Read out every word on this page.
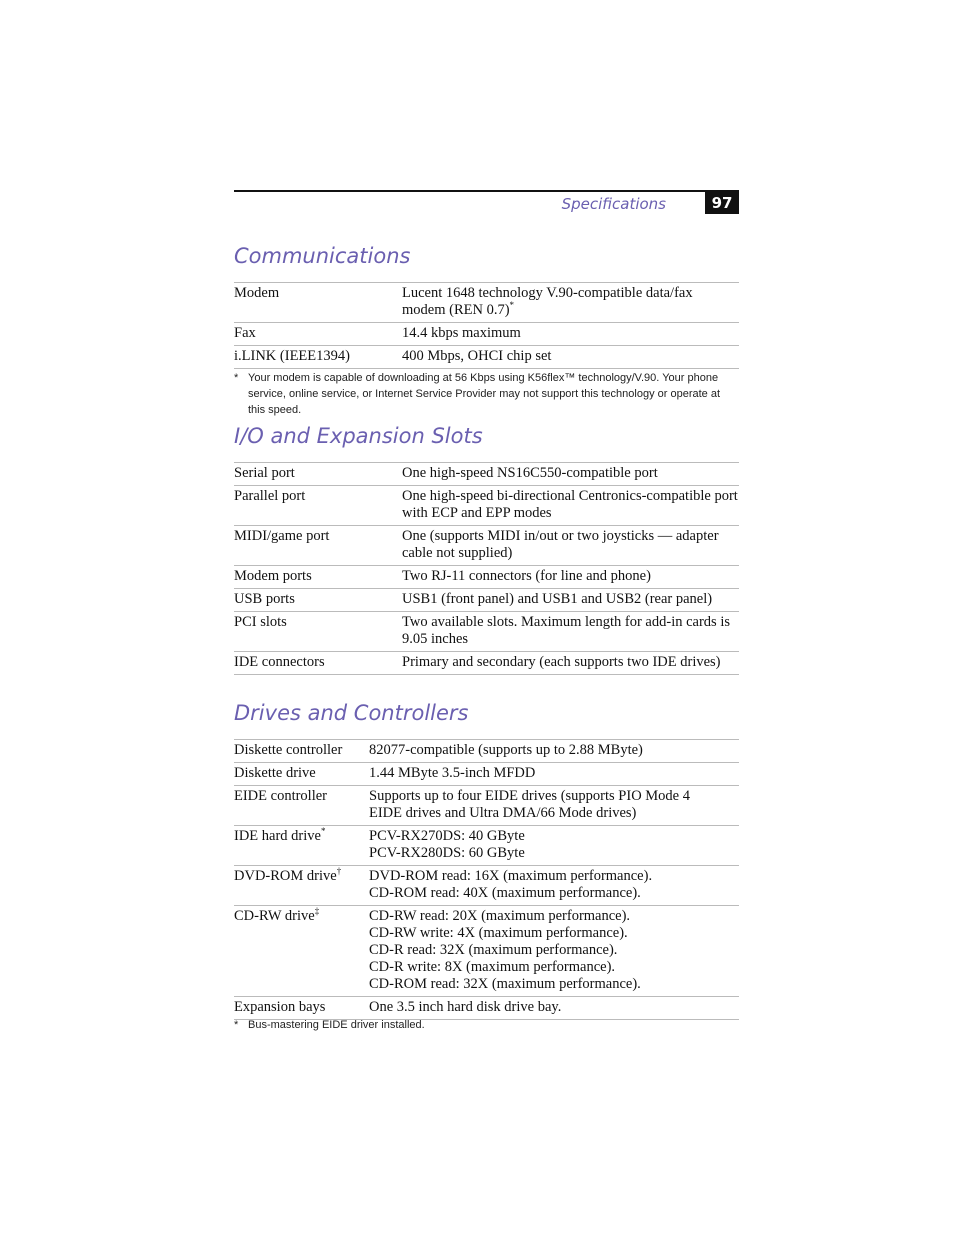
Specifications	97
Communications
Modem	Lucent 1648 technology V.90-compatible data/fax modem (REN 0.7)*
Fax	14.4 kbps maximum
i.LINK (IEEE1394)	400 Mbps, OHCI chip set
* Your modem is capable of downloading at 56 Kbps using K56flex™ technology/V.90. Your phone service, online service, or Internet Service Provider may not support this technology or operate at this speed.
I/O and Expansion Slots
Serial port	One high-speed NS16C550-compatible port
Parallel port	One high-speed bi-directional Centronics-compatible port with ECP and EPP modes
MIDI/game port	One (supports MIDI in/out or two joysticks — adapter cable not supplied)
Modem ports	Two RJ-11 connectors (for line and phone)
USB ports	USB1 (front panel) and USB1 and USB2 (rear panel)
PCI slots	Two available slots. Maximum length for add-in cards is 9.05 inches
IDE connectors	Primary and secondary (each supports two IDE drives)
Drives and Controllers
Diskette controller	82077-compatible (supports up to 2.88 MByte)

Diskette drive	1.44 MByte 3.5-inch MFDD

EIDE controller	Supports up to four EIDE drives (supports PIO Mode 4
EIDE drives and Ultra DMA/66 Mode drives)

IDE hard drive*	PCV-RX270DS: 40 GByte
PCV-RX280DS: 60 GByte

DVD-ROM drive†	DVD-ROM read: 16X (maximum performance).
CD-ROM read: 40X (maximum performance).

CD-RW drive‡	CD-RW read: 20X (maximum performance).
CD-RW write: 4X (maximum performance).
CD-R read: 32X (maximum performance).
CD-R write: 8X (maximum performance).
CD-ROM read: 32X (maximum performance).

Expansion bays	One 3.5 inch hard disk drive bay.
* Bus-mastering EIDE driver installed.
